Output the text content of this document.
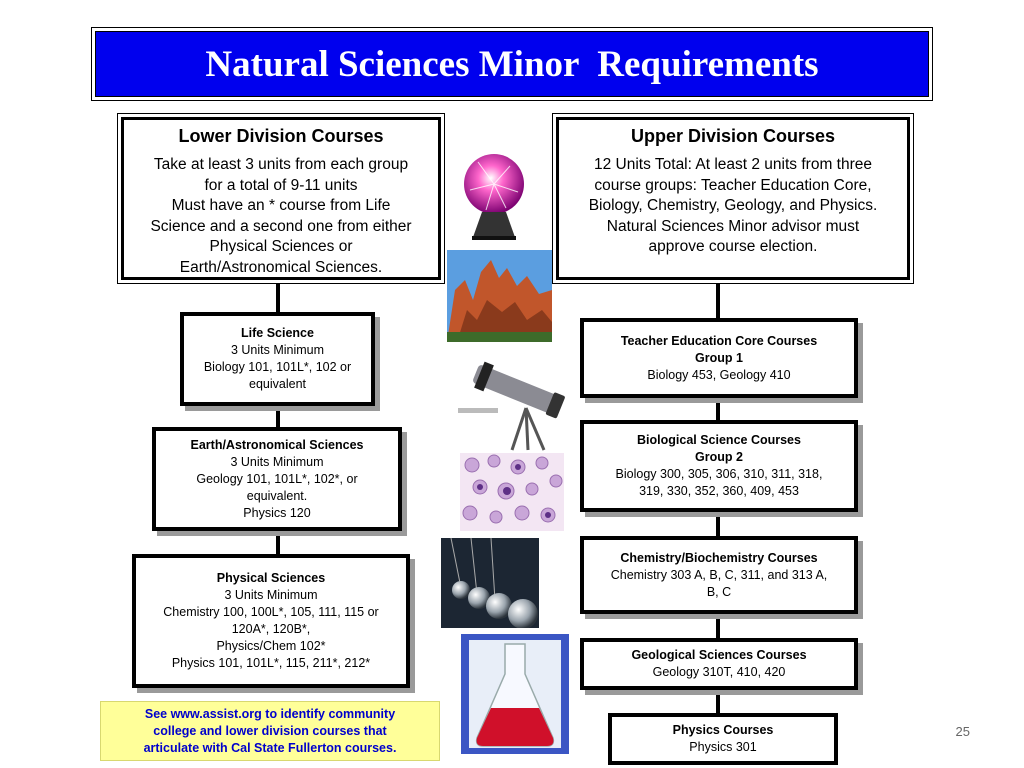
Natural Sciences Minor  Requirements
Lower Division Courses
Take at least 3 units from each group
for a total of 9-11 units
Must have an * course from Life
Science and a second one from either
Physical Sciences or
Earth/Astronomical Sciences.
Upper Division Courses
12 Units Total: At least 2 units from three
course groups: Teacher Education Core,
Biology, Chemistry, Geology, and Physics.
Natural Sciences Minor advisor must
approve course election.
Life Science
3 Units Minimum
Biology 101, 101L*, 102 or
equivalent
Earth/Astronomical Sciences
3 Units Minimum
Geology 101, 101L*, 102*, or
equivalent.
Physics 120
Physical Sciences
3 Units Minimum
Chemistry 100, 100L*, 105, 111, 115 or
120A*, 120B*,
Physics/Chem 102*
Physics 101, 101L*, 115, 211*, 212*
Teacher Education Core Courses
Group 1
Biology 453, Geology 410
Biological Science Courses
Group 2
Biology 300, 305, 306, 310, 311, 318,
319, 330, 352, 360, 409, 453
Chemistry/Biochemistry Courses
Chemistry 303 A, B, C, 311, and 313 A,
B, C
Geological Sciences Courses
Geology 310T, 410, 420
Physics Courses
Physics 301
See www.assist.org to identify community
college and lower division courses that
articulate with Cal State Fullerton courses.
25
